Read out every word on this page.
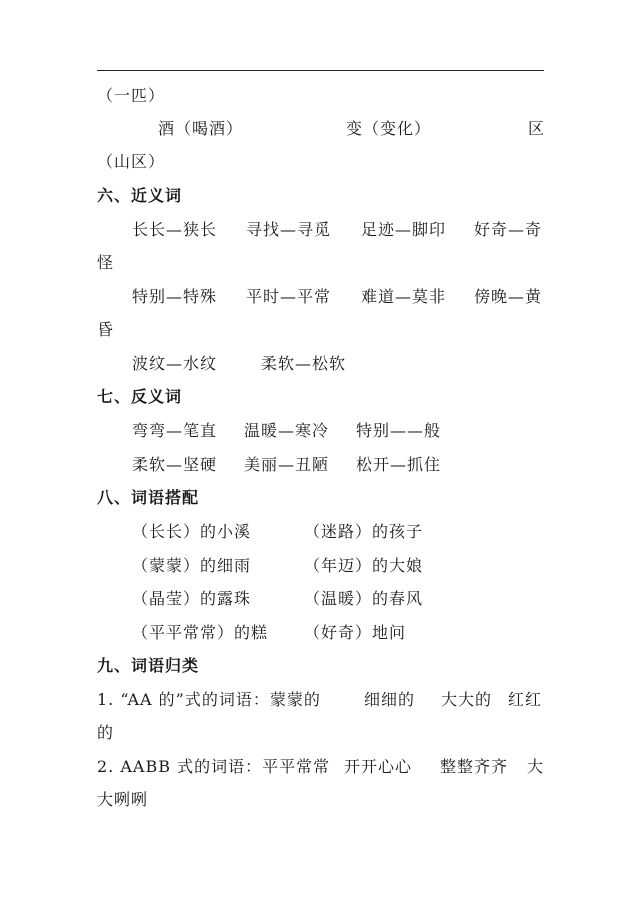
（一匹）
酒（喝酒）	变（变化）	区
（山区）
六、近义词
长长—狭长 寻找—寻觅 足迹—脚印 好奇—奇
怪
特别—特殊 平时—平常 难道—莫非 傍晚—黄
昏
波纹—水纹	柔软—松软
七、反义词
弯弯—笔直 温暖—寒冷 特别——般
柔软—坚硬 美丽—丑陋 松开—抓住
八、词语搭配
（长长）的小溪	（迷路）的孩子
（蒙蒙）的细雨	（年迈）的大娘
（晶莹）的露珠	（温暖）的春风
（平平常常）的糕 （好奇）地问
九、词语归类
1. “AA 的”式的词语：蒙蒙的	细细的 大大的 红红
的
2. AABB 式的词语：平平常常 开开心心 整整齐齐 大
大咧咧
